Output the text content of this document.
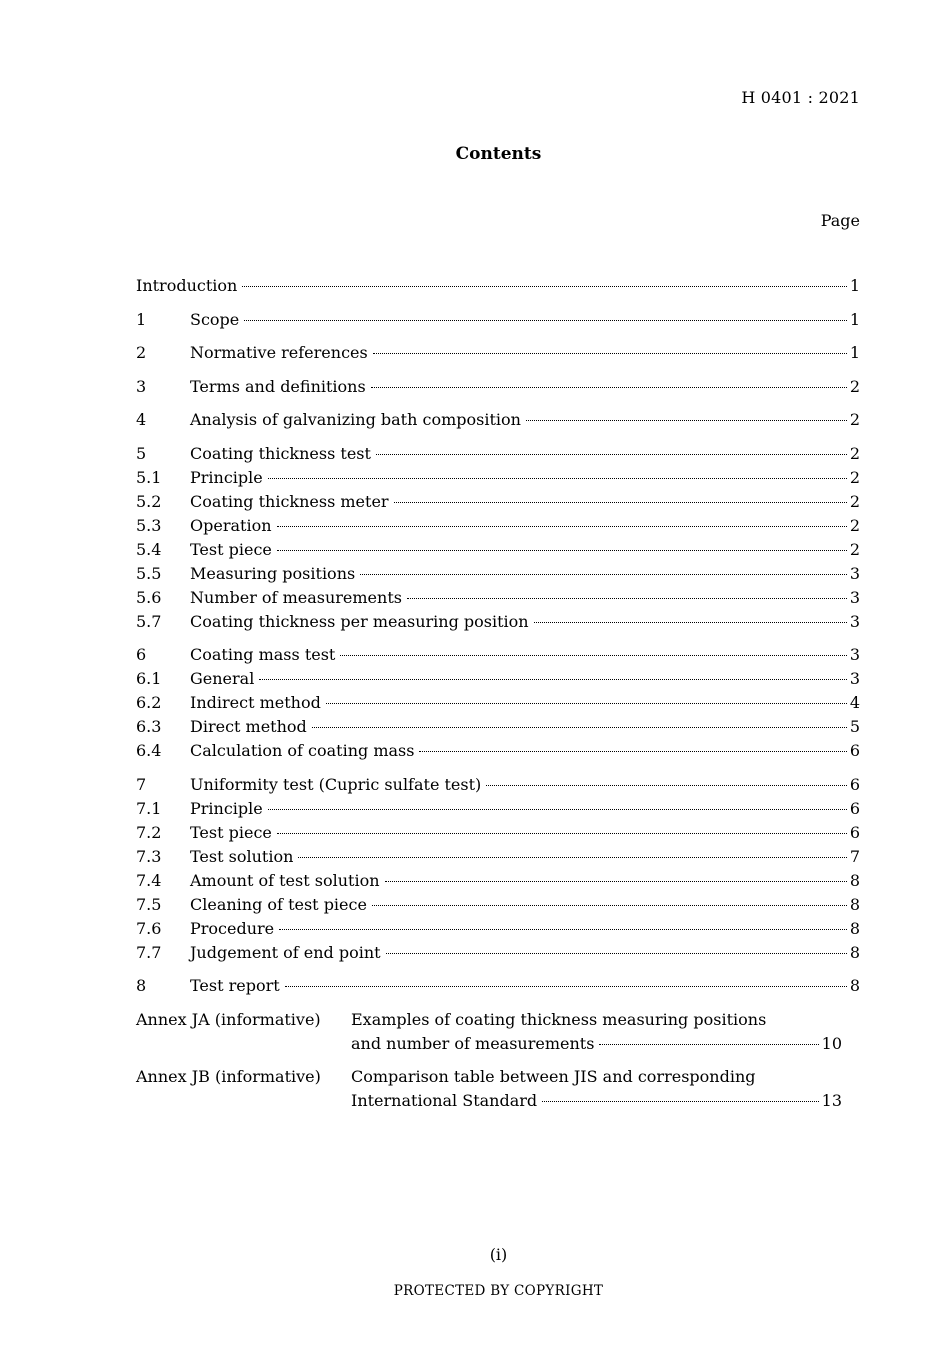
H 0401 : 2021
Contents
Page
Introduction	1
1	Scope	1
2	Normative references	1
3	Terms and definitions	2
4	Analysis of galvanizing bath composition	2
5	Coating thickness test	2
5.1	Principle	2
5.2	Coating thickness meter	2
5.3	Operation	2
5.4	Test piece	2
5.5	Measuring positions	3
5.6	Number of measurements	3
5.7	Coating thickness per measuring position	3
6	Coating mass test	3
6.1	General	3
6.2	Indirect method	4
6.3	Direct method	5
6.4	Calculation of coating mass	6
7	Uniformity test (Cupric sulfate test)	6
7.1	Principle	6
7.2	Test piece	6
7.3	Test solution	7
7.4	Amount of test solution	8
7.5	Cleaning of test piece	8
7.6	Procedure	8
7.7	Judgement of end point	8
8	Test report	8
Annex JA (informative)	Examples of coating thickness measuring positions
and number of measurements	10
Annex JB (informative)	Comparison table between JIS and corresponding
International Standard	13
(i)
PROTECTED BY COPYRIGHT
